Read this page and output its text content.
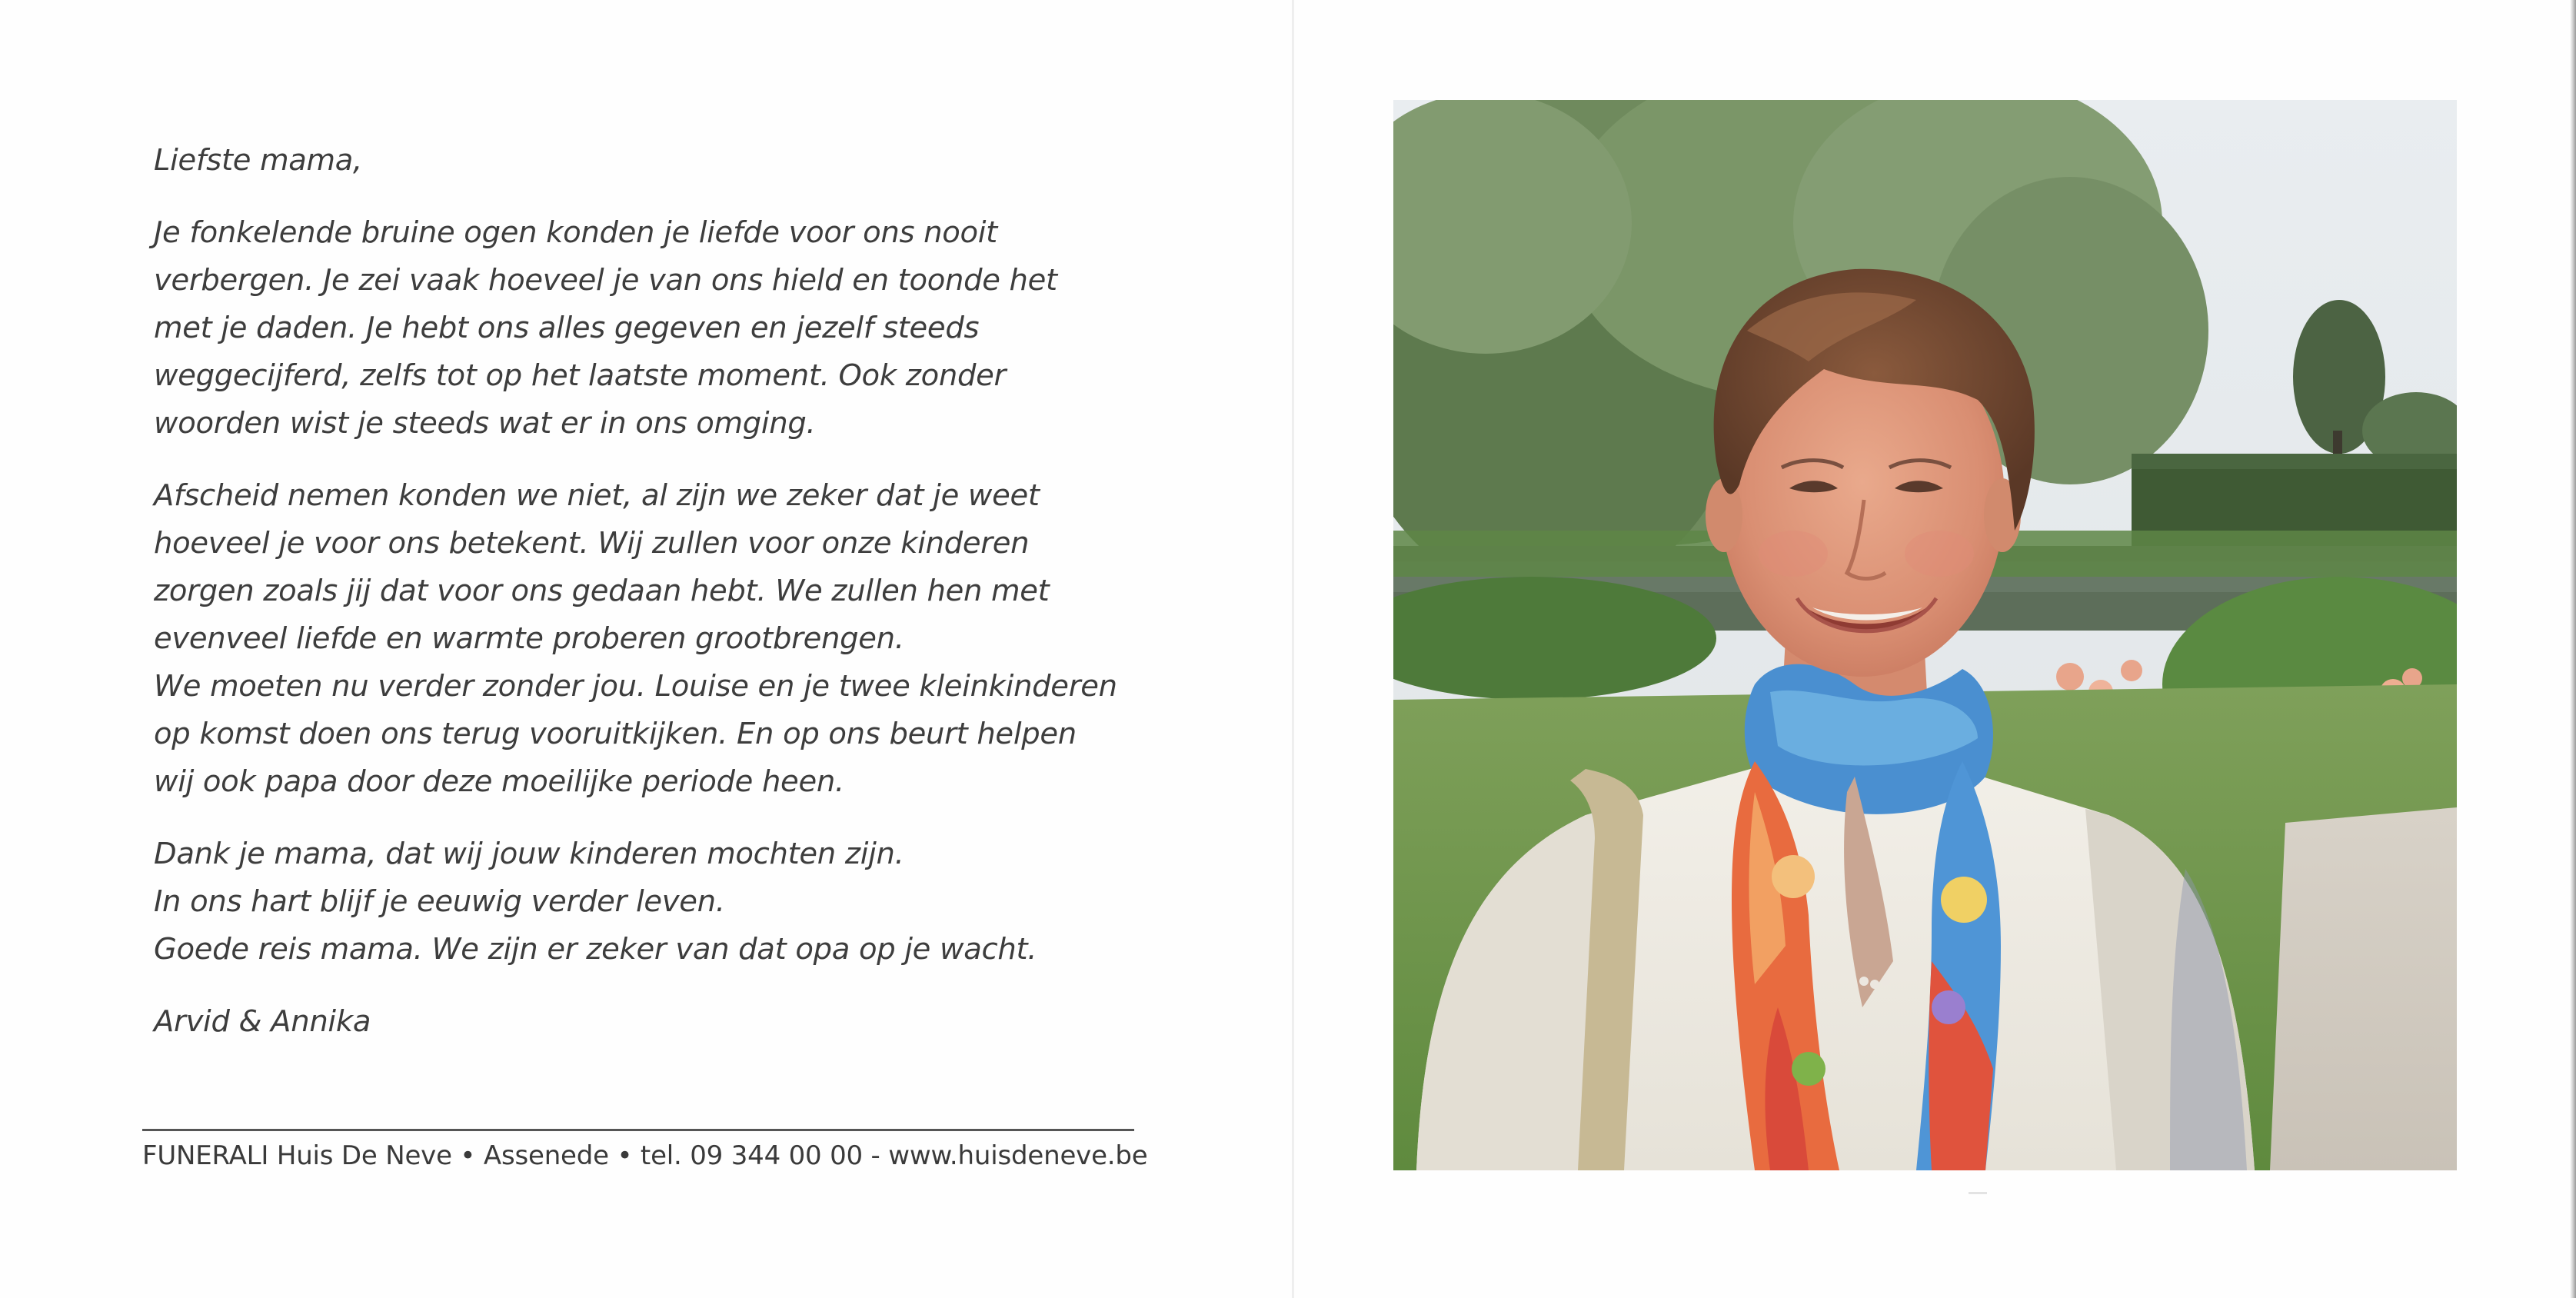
Liefste mama,

Je fonkelende bruine ogen konden je liefde voor ons nooit
verbergen. Je zei vaak hoeveel je van ons hield en toonde het
met je daden. Je hebt ons alles gegeven en jezelf steeds
weggecijferd, zelfs tot op het laatste moment. Ook zonder
woorden wist je steeds wat er in ons omging.

Afscheid nemen konden we niet, al zijn we zeker dat je weet
hoeveel je voor ons betekent. Wij zullen voor onze kinderen
zorgen zoals jij dat voor ons gedaan hebt. We zullen hen met
evenveel liefde en warmte proberen grootbrengen.
We moeten nu verder zonder jou. Louise en je twee kleinkinderen
op komst doen ons terug vooruitkijken. En op ons beurt helpen
wij ook papa door deze moeilijke periode heen.

Dank je mama, dat wij jouw kinderen mochten zijn.
In ons hart blijf je eeuwig verder leven.
Goede reis mama. We zijn er zeker van dat opa op je wacht.

Arvid & Annika

FUNERALI Huis De Neve • Assenede • tel. 09 344 00 00 - www.huisdeneve.be
